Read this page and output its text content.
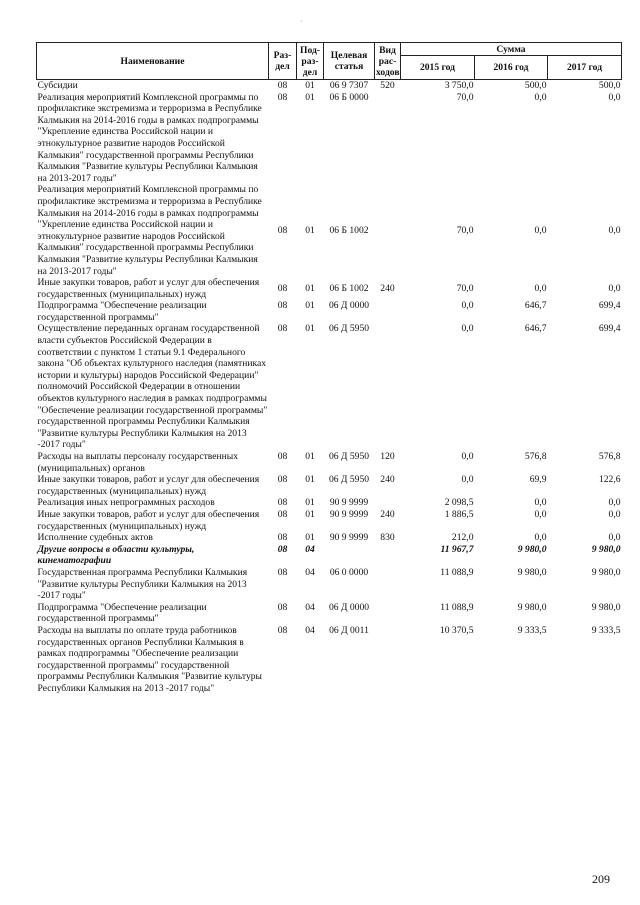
·
Наименование	Раз-дел	Под-раз-дел	Целевая статья	Вид рас-ходов	Сумма		
					2015 год	2016 год	2017 год
Субсидии	08	01	06 9 7307	520	3 750,0	500,0	500,0
Реализация мероприятий Комплексной программы по профилактике экстремизма и терроризма в Республике Калмыкия на 2014-2016 годы в рамках подпрограммы "Укрепление единства Российской нации и этнокультурное развитие народов Российской Калмыкия" государственной программы Республики Калмыкия "Развитие культуры Республики Калмыкия на 2013-2017 годы"	08	01	06 Б 0000		70,0	0,0	0,0
Реализация мероприятий Комплексной программы по профилактике экстремизма и терроризма в Республике Калмыкия на 2014-2016 годы в рамках подпрограммы "Укрепление единства Российской нации и этнокультурное развитие народов Российской Калмыкия" государственной программы Республики Калмыкия "Развитие культуры Республики Калмыкия на 2013-2017 годы"	08	01	06 Б 1002		70,0	0,0	0,0
Иные закупки товаров, работ и услуг для обеспечения государственных (муниципальных) нужд	08	01	06 Б 1002	240	70,0	0,0	0,0
Подпрограмма "Обеспечение реализации государственной программы"	08	01	06 Д 0000		0,0	646,7	699,4
Осуществление переданных органам государственной власти субъектов Российской Федерации в соответствии с пунктом 1 статьи 9.1 Федерального закона "Об объектах культурного наследия (памятниках истории и культуры) народов Российской Федерации" полномочий Российской Федерации в отношении объектов культурного наследия в рамках подпрограммы "Обеспечение реализации государственной программы" государственной программы Республики Калмыкия "Развитие культуры Республики Калмыкия на 2013 -2017 годы"	08	01	06 Д 5950		0,0	646,7	699,4
Расходы на выплаты персоналу государственных (муниципальных) органов	08	01	06 Д 5950	120	0,0	576,8	576,8
Иные закупки товаров, работ и услуг для обеспечения государственных (муниципальных) нужд	08	01	06 Д 5950	240	0,0	69,9	122,6
Реализация иных непрограммных расходов	08	01	90 9 9999		2 098,5	0,0	0,0
Иные закупки товаров, работ и услуг для обеспечения государственных (муниципальных) нужд	08	01	90 9 9999	240	1 886,5	0,0	0,0
Исполнение судебных актов	08	01	90 9 9999	830	212,0	0,0	0,0
Другие вопросы в области культуры, кинематографии	08	04			11 967,7	9 980,0	9 980,0
Государственная программа Республики Калмыкия "Развитие культуры Республики Калмыкия на 2013 -2017 годы"	08	04	06 0 0000		11 088,9	9 980,0	9 980,0
Подпрограмма "Обеспечение реализации государственной программы"	08	04	06 Д 0000		11 088,9	9 980,0	9 980,0
Расходы на выплаты по оплате труда работников государственных органов Республики Калмыкия в рамках подпрограммы "Обеспечение реализации государственной программы" государственной программы Республики Калмыкия "Развитие культуры Республики Калмыкия на 2013 -2017 годы"	08	04	06 Д 0011		10 370,5	9 333,5	9 333,5
209
